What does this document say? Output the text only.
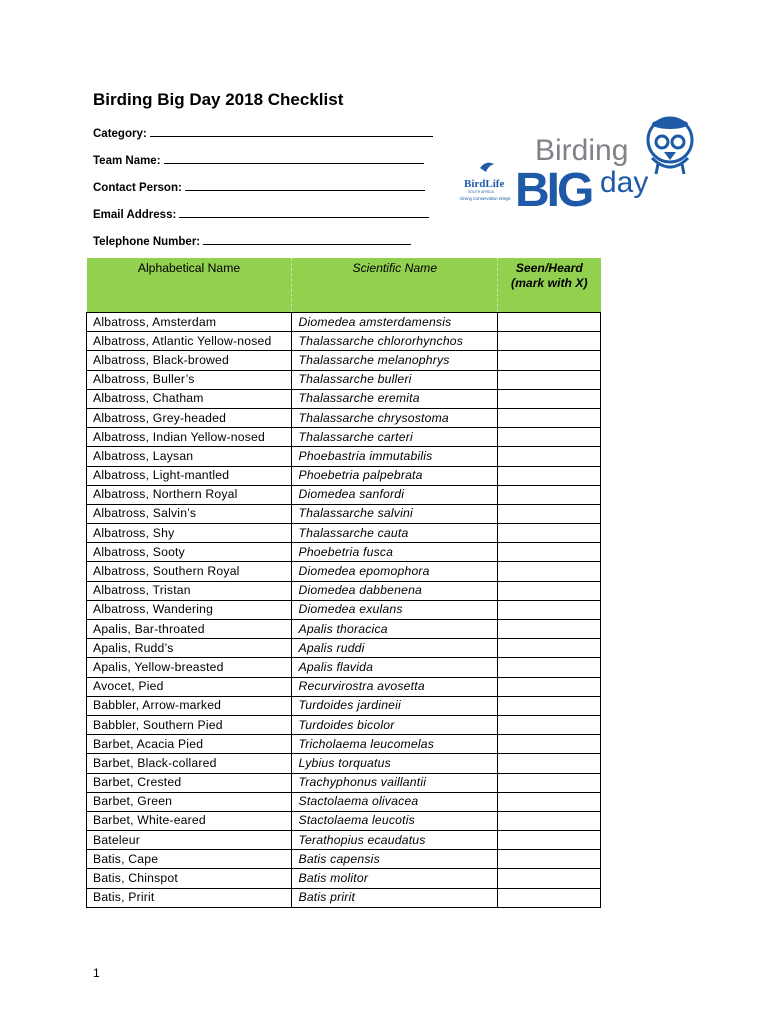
Birding Big Day 2018 Checklist
Category:
Team Name:
Contact Person:
Email Address:
Telephone Number:
BirdLife
SOUTH AFRICA
Giving Conservation Wings
Birding
BIG day
Alphabetical Name	Scientific Name	Seen/Heard (mark with X)
Albatross, Amsterdam	Diomedea amsterdamensis	
Albatross, Atlantic Yellow-nosed	Thalassarche chlororhynchos	
Albatross, Black-browed	Thalassarche melanophrys	
Albatross, Buller’s	Thalassarche bulleri	
Albatross, Chatham	Thalassarche eremita	
Albatross, Grey-headed	Thalassarche chrysostoma	
Albatross, Indian Yellow-nosed	Thalassarche carteri	
Albatross, Laysan	Phoebastria immutabilis	
Albatross, Light-mantled	Phoebetria palpebrata	
Albatross, Northern Royal	Diomedea sanfordi	
Albatross, Salvin’s	Thalassarche salvini	
Albatross, Shy	Thalassarche cauta	
Albatross, Sooty	Phoebetria fusca	
Albatross, Southern Royal	Diomedea epomophora	
Albatross, Tristan	Diomedea dabbenena	
Albatross, Wandering	Diomedea exulans	
Apalis, Bar-throated	Apalis thoracica	
Apalis, Rudd’s	Apalis ruddi	
Apalis, Yellow-breasted	Apalis flavida	
Avocet, Pied	Recurvirostra avosetta	
Babbler, Arrow-marked	Turdoides jardineii	
Babbler, Southern Pied	Turdoides bicolor	
Barbet, Acacia Pied	Tricholaema leucomelas	
Barbet, Black-collared	Lybius torquatus	
Barbet, Crested	Trachyphonus vaillantii	
Barbet, Green	Stactolaema olivacea	
Barbet, White-eared	Stactolaema leucotis	
Bateleur	Terathopius ecaudatus	
Batis, Cape	Batis capensis	
Batis, Chinspot	Batis molitor	
Batis, Pririt	Batis pririt	
1
